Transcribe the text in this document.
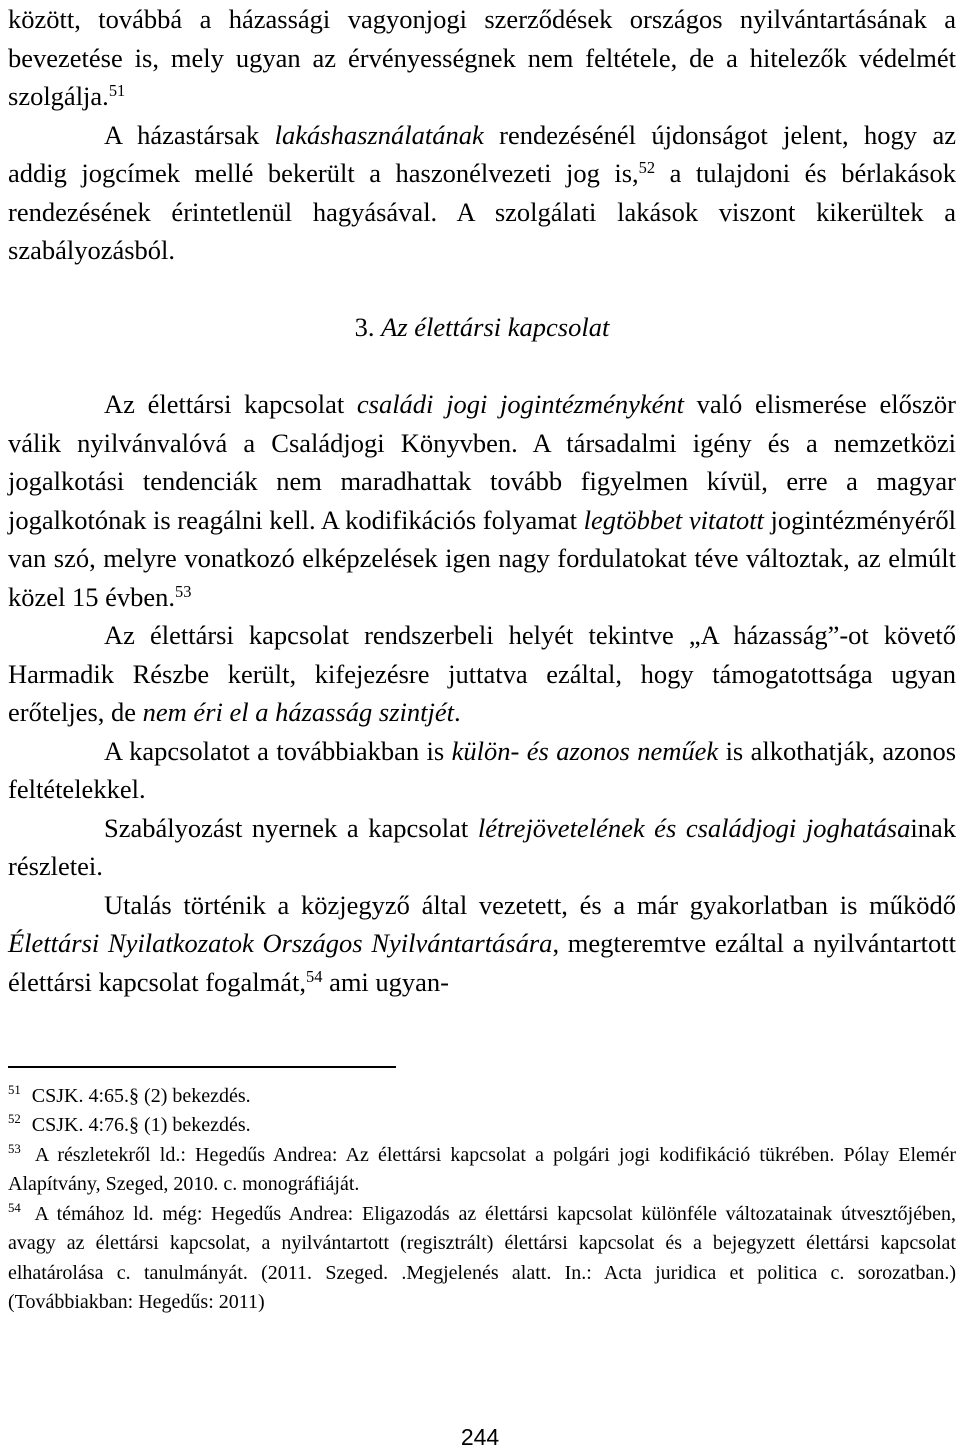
között, továbbá a házassági vagyonjogi szerződések országos nyilvántartásának a bevezetése is, mely ugyan az érvényességnek nem feltétele, de a hitelezők védelmét szolgálja.$^{51}$

A házastársak lakáshasználatának rendezésénél újdonságot jelent, hogy az addig jogcímek mellé bekerült a haszonélvezeti jog is,$^{52}$ a tulajdoni és bérlakások rendezésének érintetlenül hagyásával. A szolgálati lakások viszont kikerültek a szabályozásból.

3. Az élettársi kapcsolat

Az élettársi kapcsolat családi jogi jogintézményként való elismerése először válik nyilvánvalóvá a Családjogi Könyvben. A társadalmi igény és a nemzetközi jogalkotási tendenciák nem maradhattak tovább figyelmen kívül, erre a magyar jogalkotónak is reagálni kell. A kodifikációs folyamat legtöbbet vitatott jogintézményéről van szó, melyre vonatkozó elképzelések igen nagy fordulatokat téve változtak, az elmúlt közel 15 évben.$^{53}$

Az élettársi kapcsolat rendszerbeli helyét tekintve „A házasság”-ot követő Harmadik Részbe került, kifejezésre juttatva ezáltal, hogy támogatottsága ugyan erőteljes, de nem éri el a házasság szintjét.

A kapcsolatot a továbbiakban is külön- és azonos neműek is alkothatják, azonos feltételekkel.

Szabályozást nyernek a kapcsolat létrejövetelének és családjogi joghatásainak részletei.

Utalás történik a közjegyző által vezetett, és a már gyakorlatban is működő Élettársi Nyilatkozatok Országos Nyilvántartására, megteremtve ezáltal a nyilvántartott élettársi kapcsolat fogalmát,$^{54}$ ami ugyan-

$^{51}$ CSJK. 4:65.§ (2) bekezdés.

$^{52}$ CSJK. 4:76.§ (1) bekezdés.

$^{53}$ A részletekről ld.: Hegedűs Andrea: Az élettársi kapcsolat a polgári jogi kodifikáció tükrében. Pólay Elemér Alapítvány, Szeged, 2010. c. monográfiáját.

$^{54}$ A témához ld. még: Hegedűs Andrea: Eligazodás az élettársi kapcsolat különféle változatainak útvesztőjében, avagy az élettársi kapcsolat, a nyilvántartott (regisztrált) élettársi kapcsolat és a bejegyzett élettársi kapcsolat elhatárolása c. tanulmányát. (2011. Szeged. .Megjelenés alatt. In.: Acta juridica et politica c. sorozatban.) (Továbbiakban: Hegedűs: 2011)

244
